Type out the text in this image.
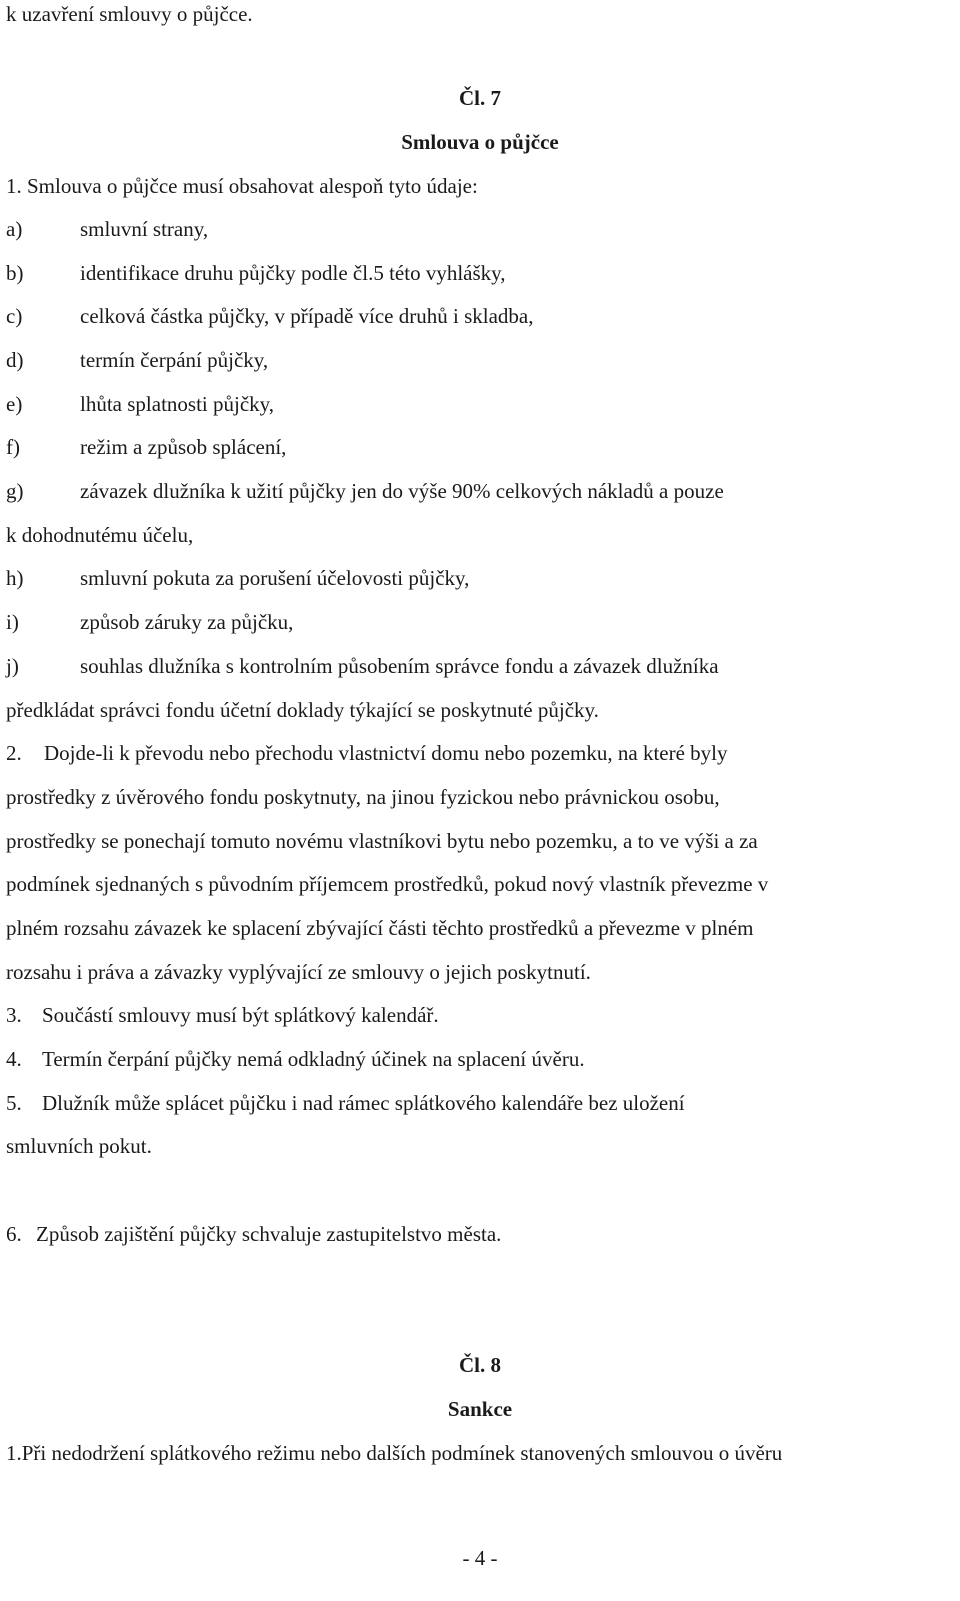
k uzavření smlouvy o půjčce.
Čl. 7
Smlouva o půjčce
1. Smlouva o půjčce musí obsahovat alespoň tyto údaje:
a)	smluvní strany,
b)	identifikace druhu půjčky podle čl.5 této vyhlášky,
c)	celková částka půjčky, v případě více druhů i skladba,
d)	termín čerpání půjčky,
e)	lhůta splatnosti půjčky,
f)	režim a způsob splácení,
g)	závazek dlužníka k užití půjčky jen do výše 90% celkových nákladů a pouze
k dohodnutému účelu,
h)	smluvní pokuta za porušení účelovosti půjčky,
i)	způsob záruky za půjčku,
j)	souhlas dlužníka s kontrolním působením správce fondu a závazek dlužníka
předkládat správci fondu účetní doklady týkající se poskytnuté půjčky.
2. Dojde-li k převodu nebo přechodu vlastnictví domu nebo pozemku, na které byly
prostředky z úvěrového fondu poskytnuty, na jinou fyzickou nebo právnickou osobu,
prostředky se ponechají tomuto novému vlastníkovi bytu nebo pozemku, a to ve výši a za
podmínek sjednaných s původním příjemcem prostředků, pokud nový vlastník převezme v
plném rozsahu závazek ke splacení zbývající části těchto prostředků a převezme v plném
rozsahu i práva a závazky vyplývající ze smlouvy o jejich poskytnutí.
3. Součástí smlouvy musí být splátkový kalendář.
4. Termín čerpání půjčky nemá odkladný účinek na splacení úvěru.
5. Dlužník může splácet půjčku i nad rámec splátkového kalendáře bez uložení
smluvních pokut.
6. Způsob zajištění půjčky schvaluje zastupitelstvo města.
Čl. 8
Sankce
1.Při nedodržení splátkového režimu nebo dalších podmínek stanovených smlouvou o úvěru
- 4 -
